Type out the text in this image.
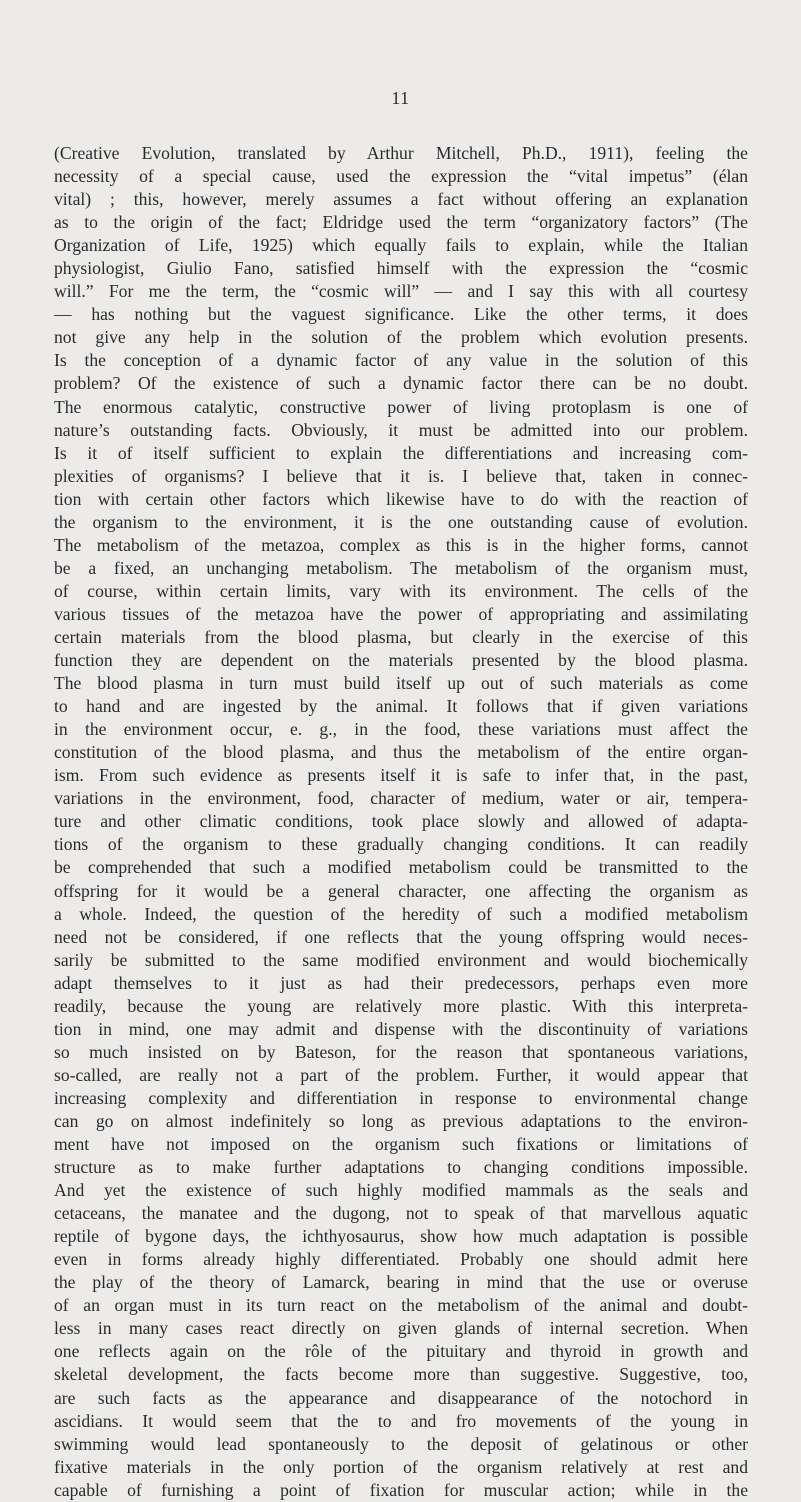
11
(Creative Evolution, translated by Arthur Mitchell, Ph.D., 1911), feeling the
necessity of a special cause, used the expression the “vital impetus” (élan
vital) ; this, however, merely assumes a fact without offering an explanation
as to the origin of the fact; Eldridge used the term “organizatory factors” (The
Organization of Life, 1925) which equally fails to explain, while the Italian
physiologist, Giulio Fano, satisfied himself with the expression the “cosmic
will.” For me the term, the “cosmic will” — and I say this with all courtesy
— has nothing but the vaguest significance. Like the other terms, it does
not give any help in the solution of the problem which evolution presents.
Is the conception of a dynamic factor of any value in the solution of this
problem? Of the existence of such a dynamic factor there can be no doubt.
The enormous catalytic, constructive power of living protoplasm is one of
nature’s outstanding facts. Obviously, it must be admitted into our problem.
Is it of itself sufficient to explain the differentiations and increasing com-
plexities of organisms? I believe that it is. I believe that, taken in connec-
tion with certain other factors which likewise have to do with the reaction of
the organism to the environment, it is the one outstanding cause of evolution.
The metabolism of the metazoa, complex as this is in the higher forms, cannot
be a fixed, an unchanging metabolism. The metabolism of the organism must,
of course, within certain limits, vary with its environment. The cells of the
various tissues of the metazoa have the power of appropriating and assimilating
certain materials from the blood plasma, but clearly in the exercise of this
function they are dependent on the materials presented by the blood plasma.
The blood plasma in turn must build itself up out of such materials as come
to hand and are ingested by the animal. It follows that if given variations
in the environment occur, e. g., in the food, these variations must affect the
constitution of the blood plasma, and thus the metabolism of the entire organ-
ism. From such evidence as presents itself it is safe to infer that, in the past,
variations in the environment, food, character of medium, water or air, tempera-
ture and other climatic conditions, took place slowly and allowed of adapta-
tions of the organism to these gradually changing conditions. It can readily
be comprehended that such a modified metabolism could be transmitted to the
offspring for it would be a general character, one affecting the organism as
a whole. Indeed, the question of the heredity of such a modified metabolism
need not be considered, if one reflects that the young offspring would neces-
sarily be submitted to the same modified environment and would biochemically
adapt themselves to it just as had their predecessors, perhaps even more
readily, because the young are relatively more plastic. With this interpreta-
tion in mind, one may admit and dispense with the discontinuity of variations
so much insisted on by Bateson, for the reason that spontaneous variations,
so-called, are really not a part of the problem. Further, it would appear that
increasing complexity and differentiation in response to environmental change
can go on almost indefinitely so long as previous adaptations to the environ-
ment have not imposed on the organism such fixations or limitations of
structure as to make further adaptations to changing conditions impossible.
And yet the existence of such highly modified mammals as the seals and
cetaceans, the manatee and the dugong, not to speak of that marvellous aquatic
reptile of bygone days, the ichthyosaurus, show how much adaptation is possible
even in forms already highly differentiated. Probably one should admit here
the play of the theory of Lamarck, bearing in mind that the use or overuse
of an organ must in its turn react on the metabolism of the animal and doubt-
less in many cases react directly on given glands of internal secretion. When
one reflects again on the rôle of the pituitary and thyroid in growth and
skeletal development, the facts become more than suggestive. Suggestive, too,
are such facts as the appearance and disappearance of the notochord in
ascidians. It would seem that the to and fro movements of the young in
swimming would lead spontaneously to the deposit of gelatinous or other
fixative materials in the only portion of the organism relatively at rest and
capable of furnishing a point of fixation for muscular action; while in the
